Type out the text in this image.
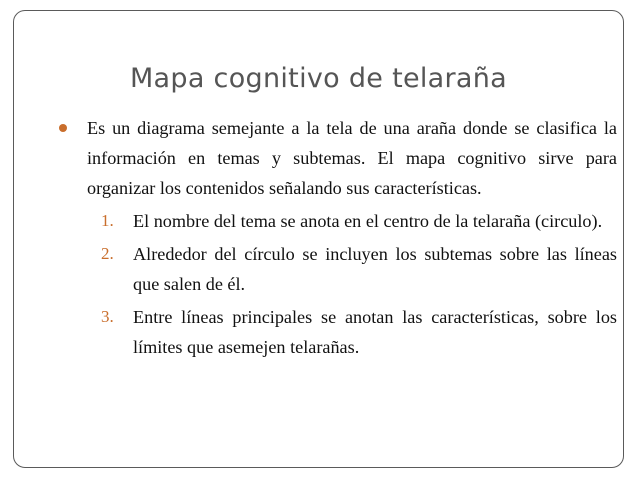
Mapa cognitivo de telaraña
Es un diagrama semejante a la tela de una araña donde se clasifica la información en temas y subtemas. El mapa cognitivo sirve para organizar los contenidos señalando sus características.
1. El nombre del tema se anota en el centro de la telaraña (circulo).
2. Alrededor del círculo se incluyen los subtemas sobre las líneas que salen de él.
3. Entre líneas principales se anotan las características, sobre los límites que asemejen telarañas.
